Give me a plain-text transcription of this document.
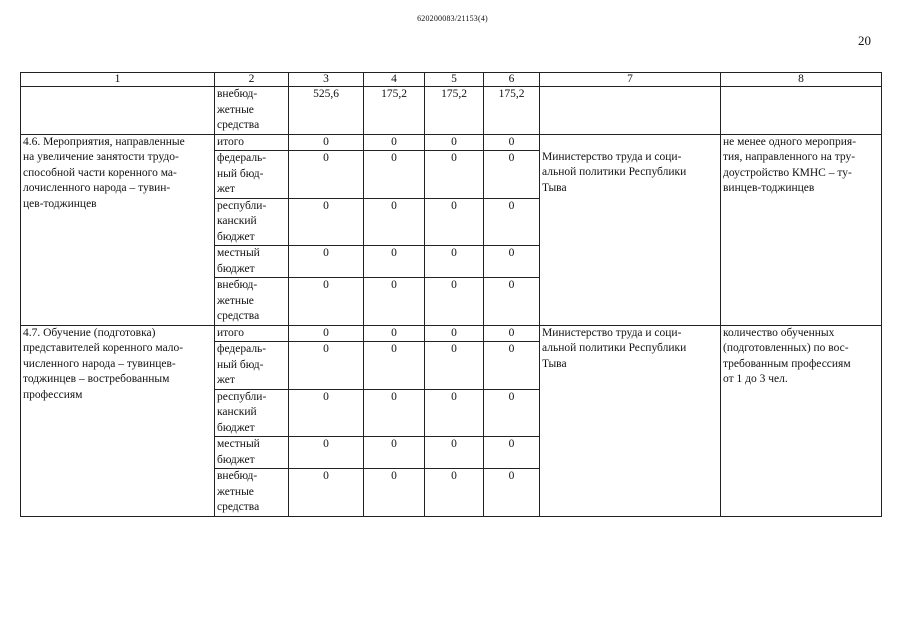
620200083/21153(4)
20
1	2	3	4	5	6	7	8
	внебюд-
жетные
средства	525,6	175,2	175,2	175,2		
4.6. Мероприятия, направленные
на увеличение занятости трудо-
способной части коренного ма-
лочисленного народа – тувин-
цев-тоджинцев	итого	0	0	0	0	Министерство труда и соци-
альной политики Республики
Тыва	не менее одного мероприя-
тия, направленного на тру-
доустройство КМНС – ту-
винцев-тоджинцев
	федераль-
ный бюд-
жет	0	0	0	0		
	республи-
канский
бюджет	0	0	0	0		
	местный
бюджет	0	0	0	0		
	внебюд-
жетные
средства	0	0	0	0		
4.7. Обучение (подготовка)
представителей коренного мало-
численного народа – тувинцев-
тоджинцев – востребованным
профессиям	итого	0	0	0	0	Министерство труда и соци-
альной политики Республики
Тыва	количество обученных
(подготовленных) по вос-
требованным профессиям
от 1 до 3 чел.
	федераль-
ный бюд-
жет	0	0	0	0		
	республи-
канский
бюджет	0	0	0	0		
	местный
бюджет	0	0	0	0		
	внебюд-
жетные
средства	0	0	0	0		
